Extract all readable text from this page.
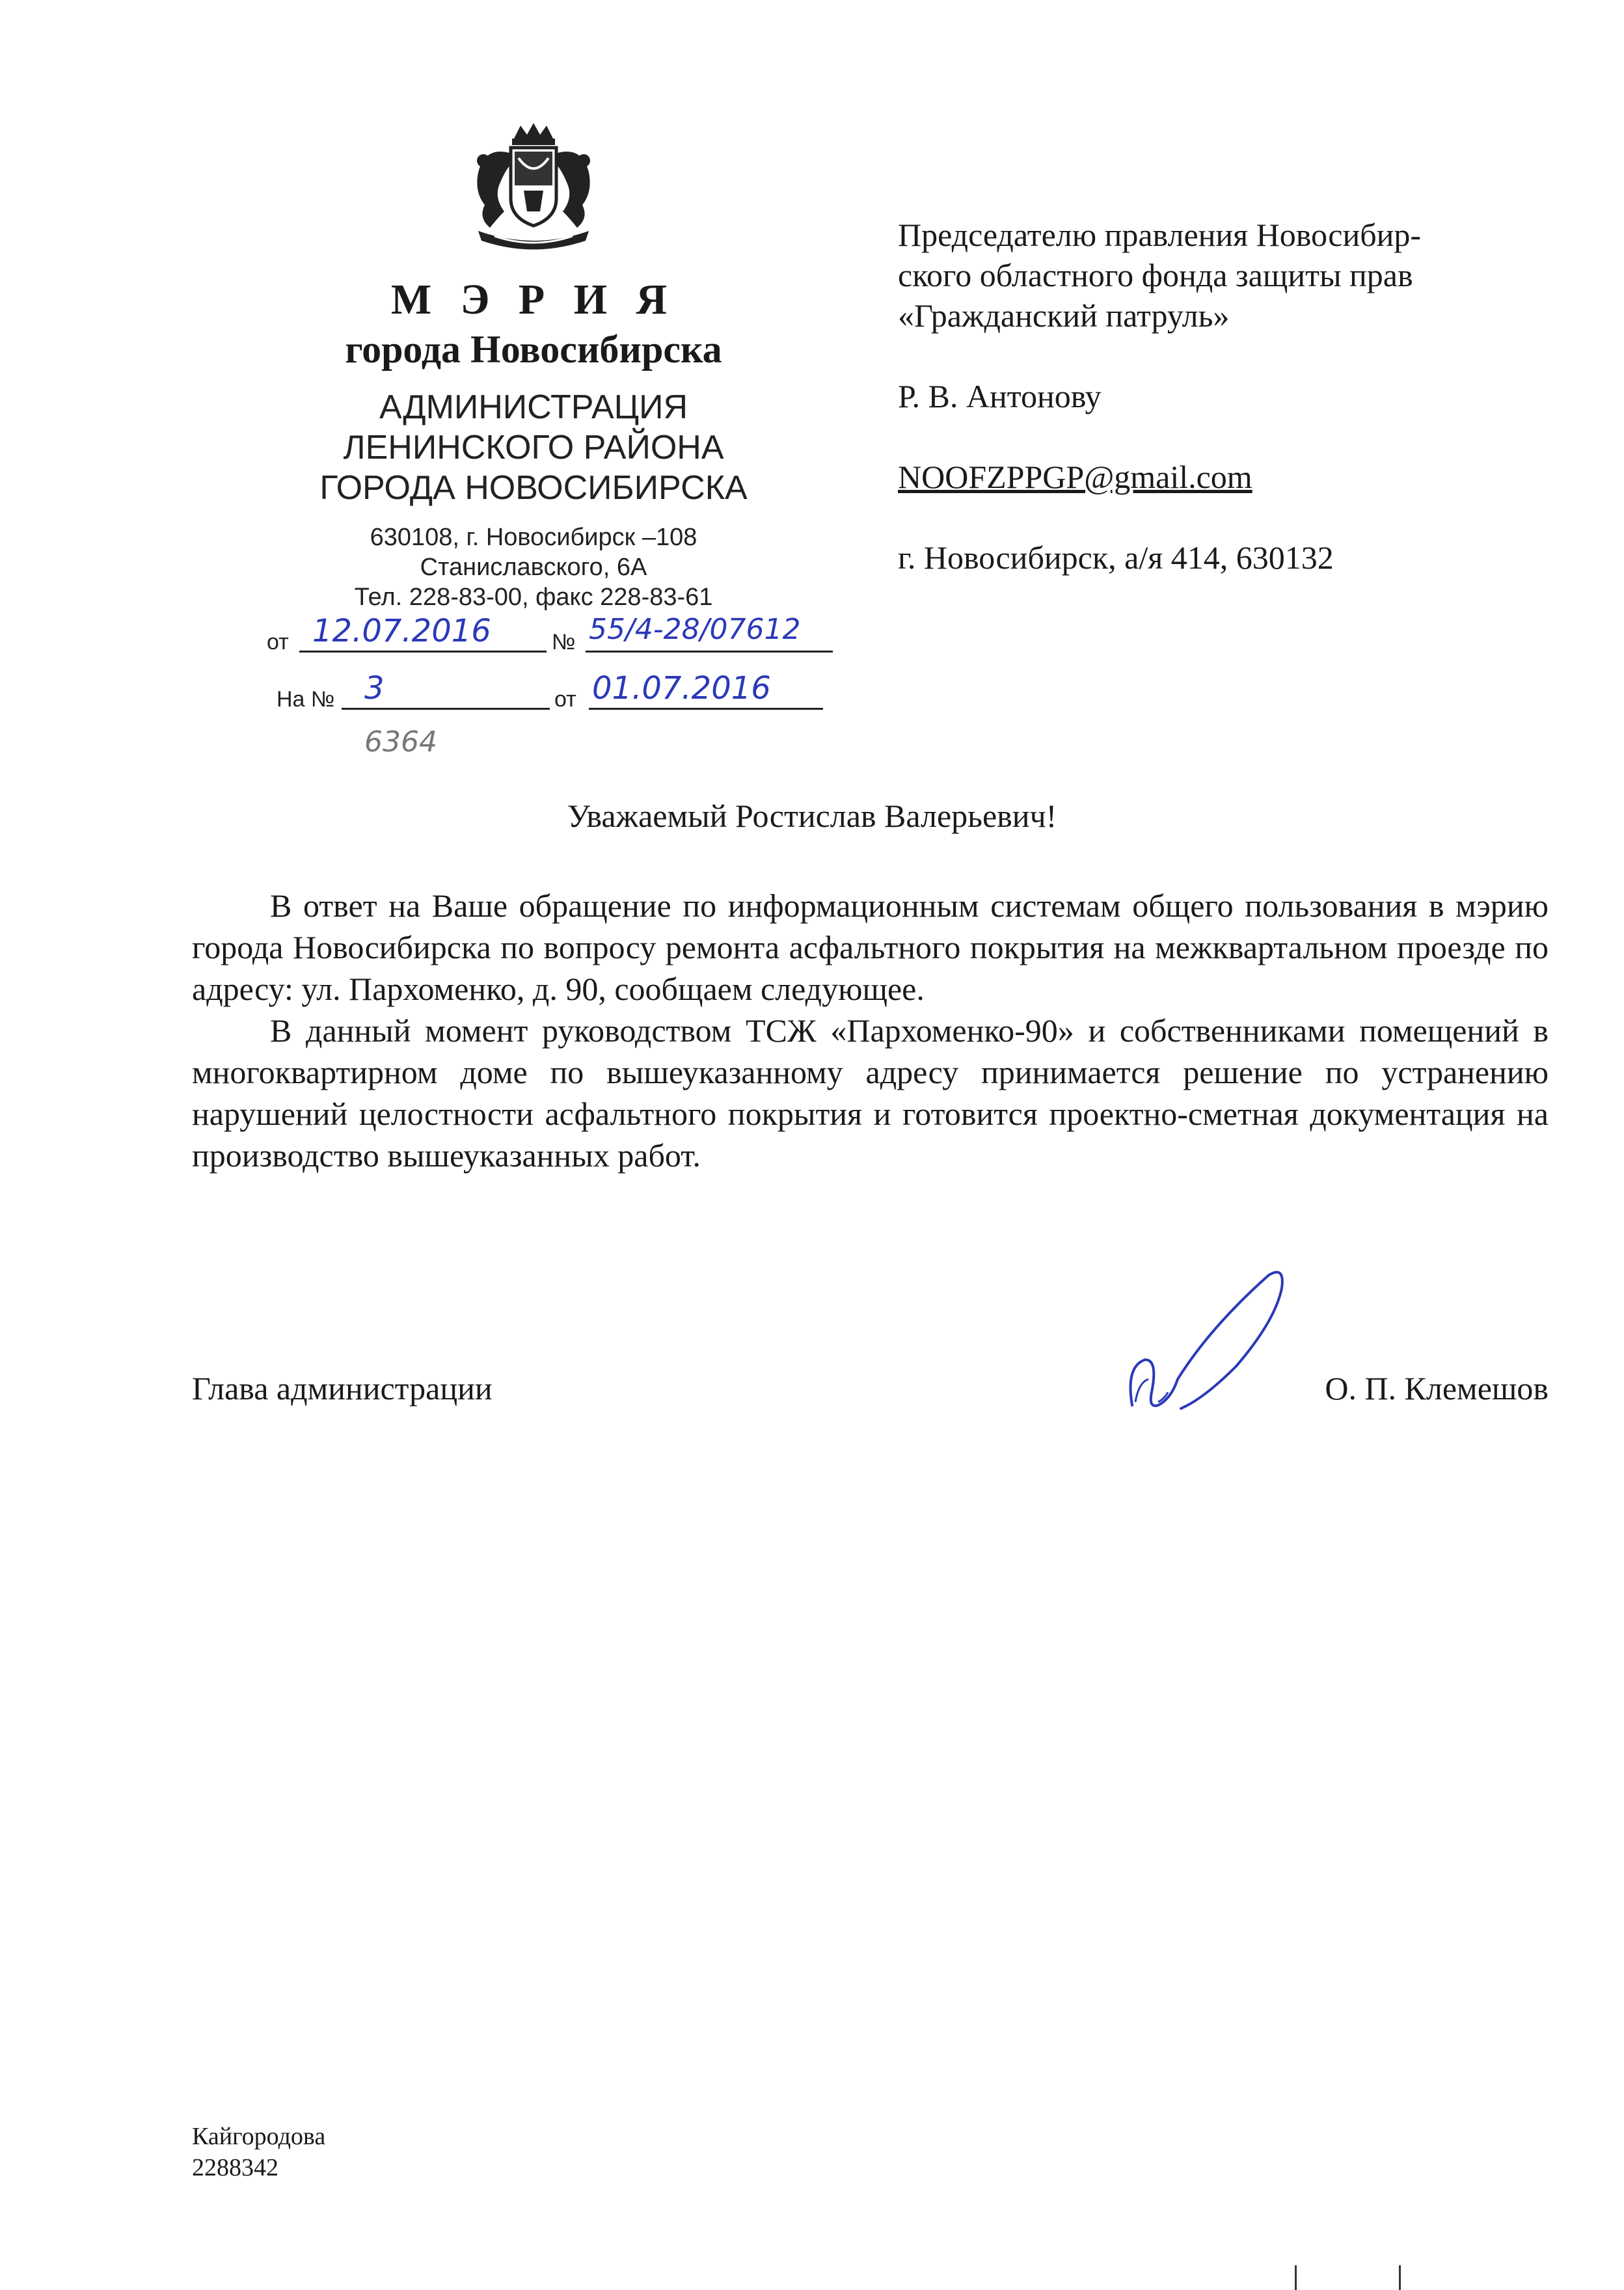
М Э Р И Я
города Новосибирска
АДМИНИСТРАЦИЯ
ЛЕНИНСКОГО РАЙОНА
ГОРОДА НОВОСИБИРСКА
630108, г. Новосибирск –108
Станиславского, 6А
Тел. 228-83-00, факс 228-83-61
от 12.07.2016	№ 55/4-28/07612
На № 3	от 01.07.2016
6364

Председателю правления Новосибир-

ского областного фонда защиты прав

«Гражданский патруль»

Р. В. Антонову

NOOFZPPGP@gmail.com

г. Новосибирск, а/я 414, 630132

Уважаемый Ростислав Валерьевич!

В ответ на Ваше обращение по информационным системам общего пользования в мэрию города Новосибирска по вопросу ремонта асфальтного покрытия на межквартальном проезде по адресу: ул. Пархоменко, д. 90, сообщаем следующее.

В данный момент руководством ТСЖ «Пархоменко-90» и собственниками помещений в многоквартирном доме по вышеуказанному адресу принимается решение по устранению нарушений целостности асфальтного покрытия и готовится проектно-сметная документация на производство вышеуказанных работ.

Глава администрации	О. П. Клемешов
Кайгородова
2288342
